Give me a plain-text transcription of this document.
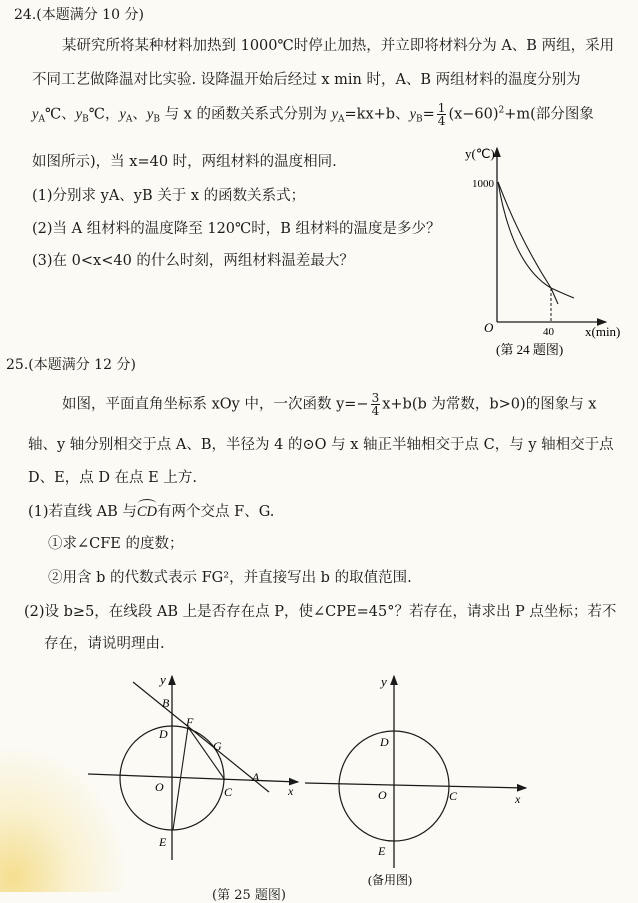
24.(本题满分 10 分)
某研究所将某种材料加热到 1000℃时停止加热，并立即将材料分为 A、B 两组，采用
不同工艺做降温对比实验. 设降温开始后经过 x min 时，A、B 两组材料的温度分别为
$y_A℃$、$y_B℃$，$y_A$、$y_B$ 与 x 的函数关系式分别为 $y_A=kx+b$、$y_B= \frac{1}{4} (x-60)^2+m$(部分图象
如图所示)，当 x=40 时，两组材料的温度相同.
(1)分别求 yA、yB 关于 x 的函数关系式；
(2)当 A 组材料的温度降至 120℃时，B 组材料的温度是多少？
(3)在 0<x<40 的什么时刻，两组材料温差最大？
y(℃)
1000
O	40 x(min)
(第 24 题图)
25.(本题满分 12 分)
如图，平面直角坐标系 xOy 中，一次函数 $y=- \frac{3}{4} x+b(b$ 为常数，b>0)的图象与 x
轴、y 轴分别相交于点 A、B，半径为 4 的⊙O 与 x 轴正半轴相交于点 C，与 y 轴相交于点
D、E，点 D 在点 E 上方.
(1)若直线 AB 与CD有两个交点 F、G.
①求∠CFE 的度数；
②用含 b 的代数式表示 FG²，并直接写出 b 的取值范围.
(2)设 b≥5，在线段 AB 上是否存在点 P，使∠CPE=45°？若存在，请求出 P 点坐标；若不
存在，请说明理由.
y
B
F
D
G
A
O	C	x
E
y
D
O	C	x
E
(备用图)
(第 25 题图)
